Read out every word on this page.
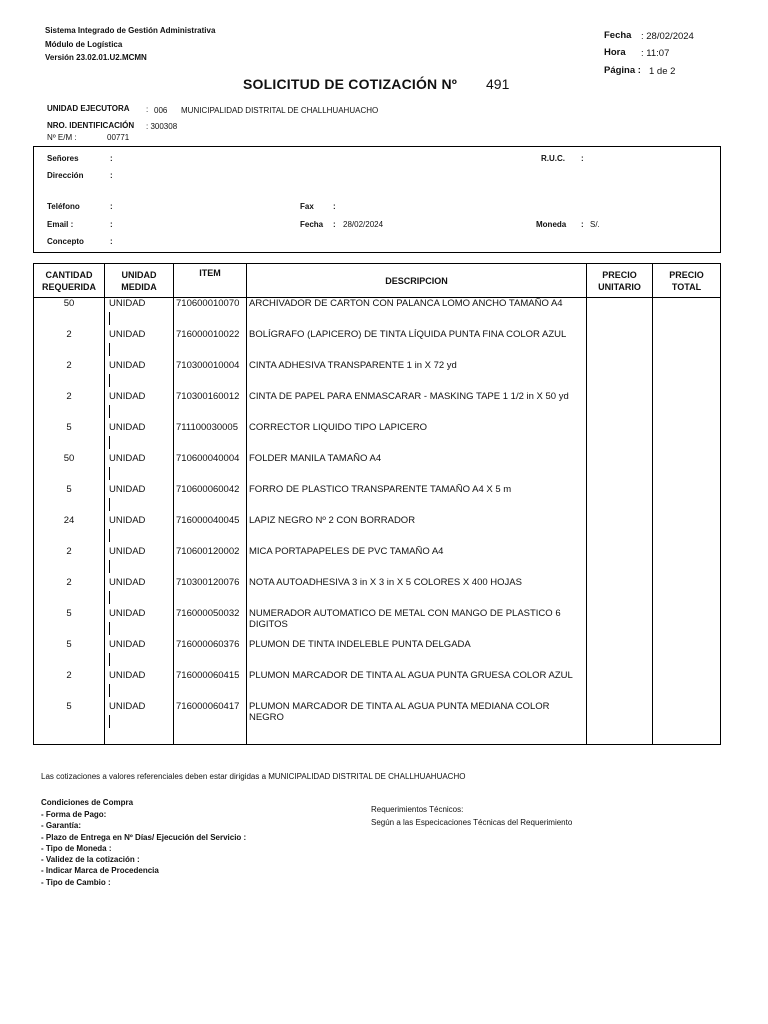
Sistema Integrado de Gestión Administrativa
Módulo de Logística
Versión 23.02.01.U2.MCMN
Fecha : 28/02/2024
Hora : 11:07
Página : 1 de 2
SOLICITUD DE COTIZACIÓN Nº 491
UNIDAD EJECUTORA : 006 MUNICIPALIDAD DISTRITAL DE CHALLHUAHUACHO
NRO. IDENTIFICACIÓN : 300308
Nº E/M :	00771
Señores	:	R.U.C. :
Dirección	:
Teléfono	:	Fax :
Email :	:	Fecha : 28/02/2024	Moneda : S/.
Concepto	:
CANTIDAD REQUERIDA	UNIDAD MEDIDA	ITEM	DESCRIPCION	PRECIO UNITARIO	PRECIO TOTAL
50	UNIDAD	710600010070	ARCHIVADOR DE CARTON CON PALANCA LOMO ANCHO TAMAÑO A4		
2	UNIDAD	716000010022	BOLÍGRAFO (LAPICERO) DE TINTA LÍQUIDA PUNTA FINA COLOR AZUL		
2	UNIDAD	710300010004	CINTA ADHESIVA TRANSPARENTE 1 in X 72 yd		
2	UNIDAD	710300160012	CINTA DE PAPEL PARA ENMASCARAR - MASKING TAPE 1 1/2 in X 50 yd		
5	UNIDAD	711100030005	CORRECTOR LIQUIDO TIPO LAPICERO		
50	UNIDAD	710600040004	FOLDER MANILA TAMAÑO A4		
5	UNIDAD	710600060042	FORRO DE PLASTICO TRANSPARENTE TAMAÑO A4 X 5 m		
24	UNIDAD	716000040045	LAPIZ NEGRO Nº 2 CON BORRADOR		
2	UNIDAD	710600120002	MICA PORTAPAPELES DE PVC TAMAÑO A4		
2	UNIDAD	710300120076	NOTA AUTOADHESIVA 3 in X 3 in X 5 COLORES X 400 HOJAS		
5	UNIDAD	716000050032	NUMERADOR AUTOMATICO DE METAL CON MANGO DE PLASTICO 6 DIGITOS		
5	UNIDAD	716000060376	PLUMON DE TINTA INDELEBLE PUNTA DELGADA		
2	UNIDAD	716000060415	PLUMON MARCADOR DE TINTA AL AGUA PUNTA GRUESA COLOR AZUL		
5	UNIDAD	716000060417	PLUMON MARCADOR DE TINTA AL AGUA PUNTA MEDIANA COLOR NEGRO		
Las cotizaciones a valores referenciales deben estar dirigidas a MUNICIPALIDAD DISTRITAL DE CHALLHUAHUACHO
Condiciones de Compra
- Forma de Pago:
- Garantía:
- Plazo de Entrega en Nº Días/ Ejecución del Servicio :
- Tipo de Moneda :
- Validez de la cotización :
- Indicar Marca de Procedencia
- Tipo de Cambio :
Requerimientos Técnicos:
Según a las Especicaciones Técnicas del Requerimiento
